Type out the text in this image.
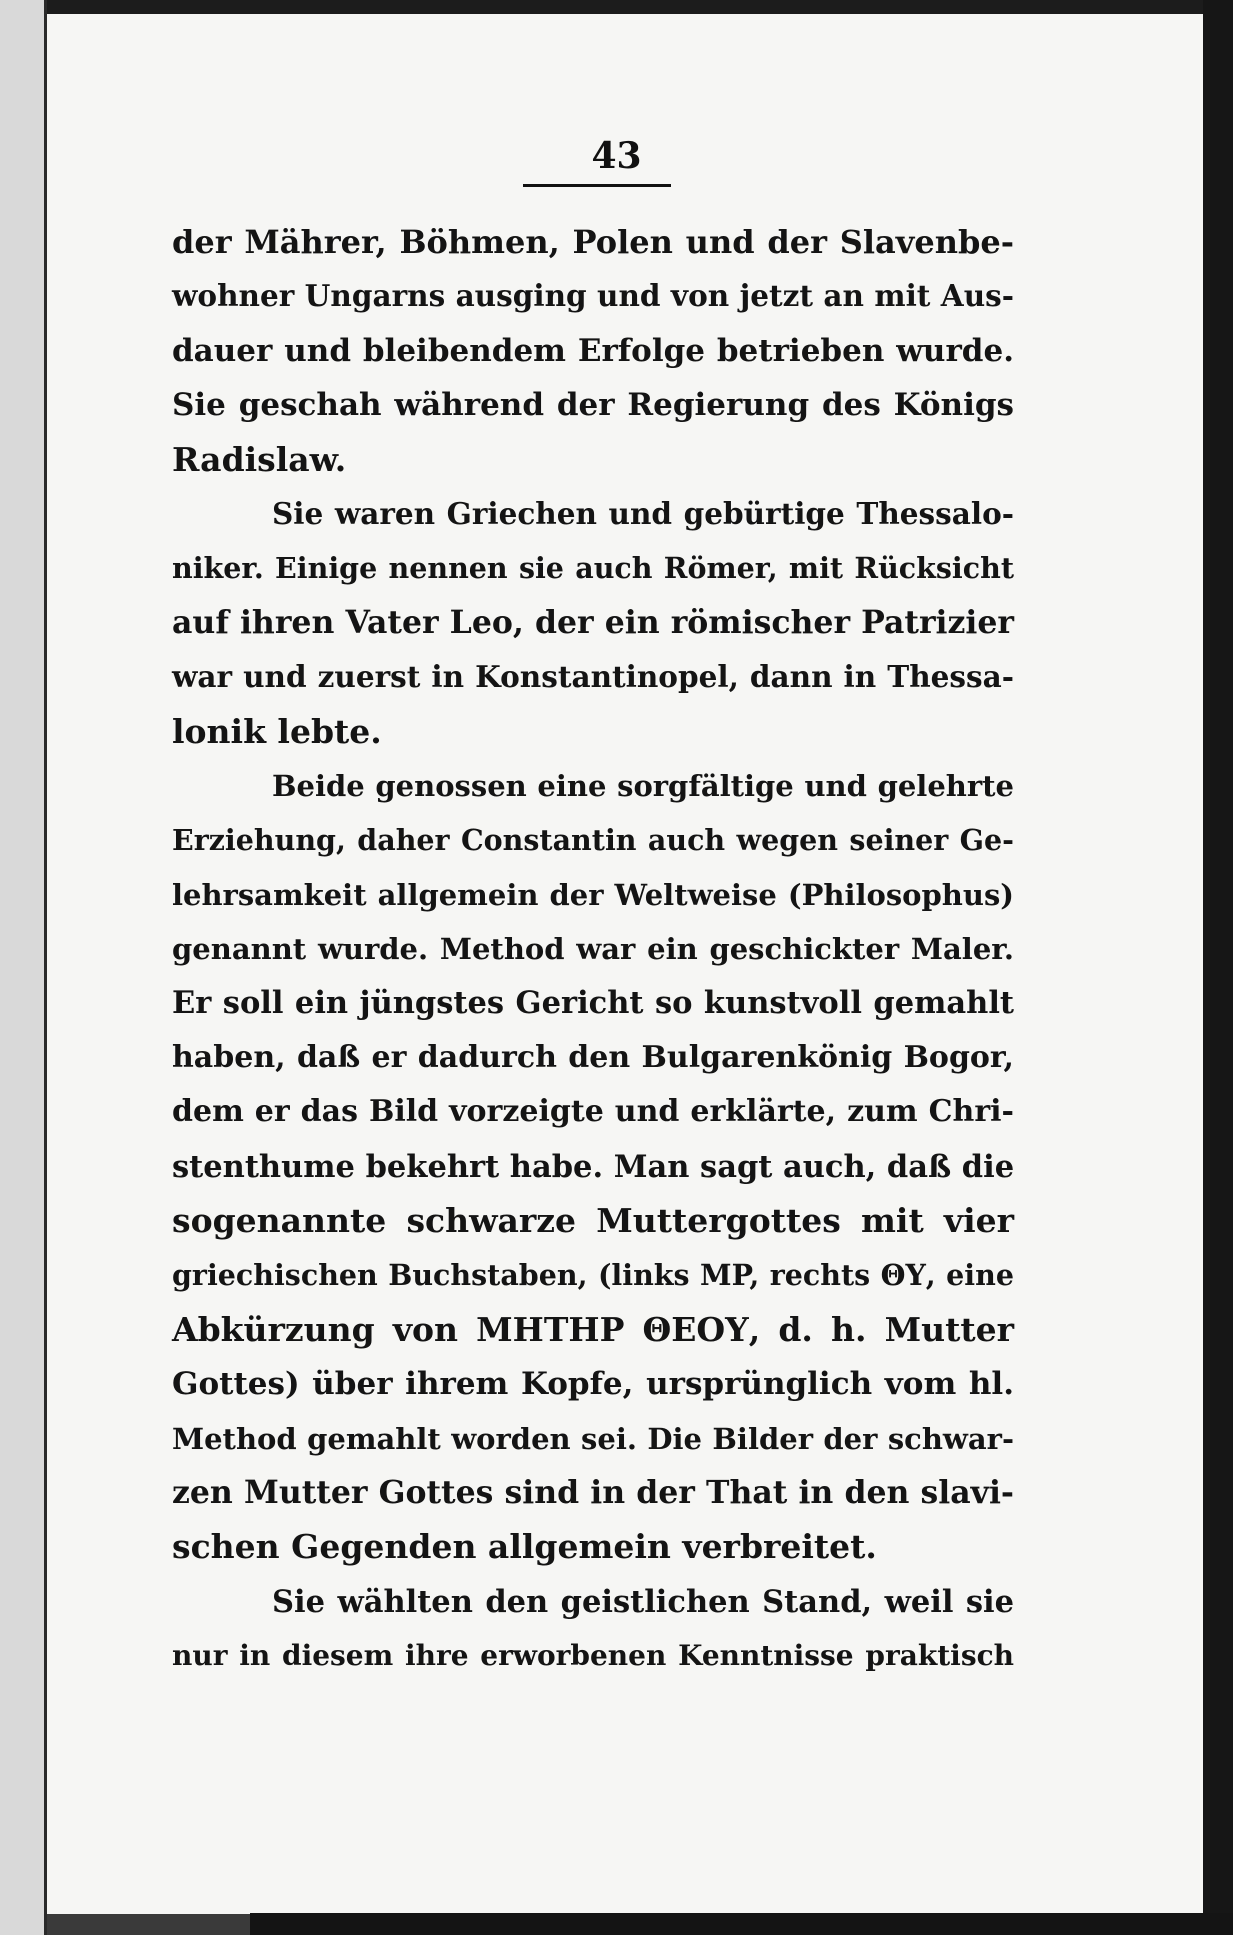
43
der Mährer, Böhmen, Polen und der Slavenbe-
wohner Ungarns ausging und von jetzt an mit Aus-
dauer und bleibendem Erfolge betrieben wurde.
Sie geschah während der Regierung des Königs
Radislaw.
Sie waren Griechen und gebürtige Thessalo-
niker. Einige nennen sie auch Römer, mit Rücksicht
auf ihren Vater Leo, der ein römischer Patrizier
war und zuerst in Konstantinopel, dann in Thessa-
lonik lebte.
Beide genossen eine sorgfältige und gelehrte
Erziehung, daher Constantin auch wegen seiner Ge-
lehrsamkeit allgemein der Weltweise (Philosophus)
genannt wurde. Method war ein geschickter Maler.
Er soll ein jüngstes Gericht so kunstvoll gemahlt
haben, daß er dadurch den Bulgarenkönig Bogor,
dem er das Bild vorzeigte und erklärte, zum Chri-
stenthume bekehrt habe. Man sagt auch, daß die
sogenannte schwarze Muttergottes mit vier
griechischen Buchstaben, (links MP, rechts ΘΥ, eine
Abkürzung von ΜΗΤΗΡ ΘΕΟΥ, d. h. Mutter
Gottes) über ihrem Kopfe, ursprünglich vom hl.
Method gemahlt worden sei. Die Bilder der schwar-
zen Mutter Gottes sind in der That in den slavi-
schen Gegenden allgemein verbreitet.
Sie wählten den geistlichen Stand, weil sie
nur in diesem ihre erworbenen Kenntnisse praktisch
